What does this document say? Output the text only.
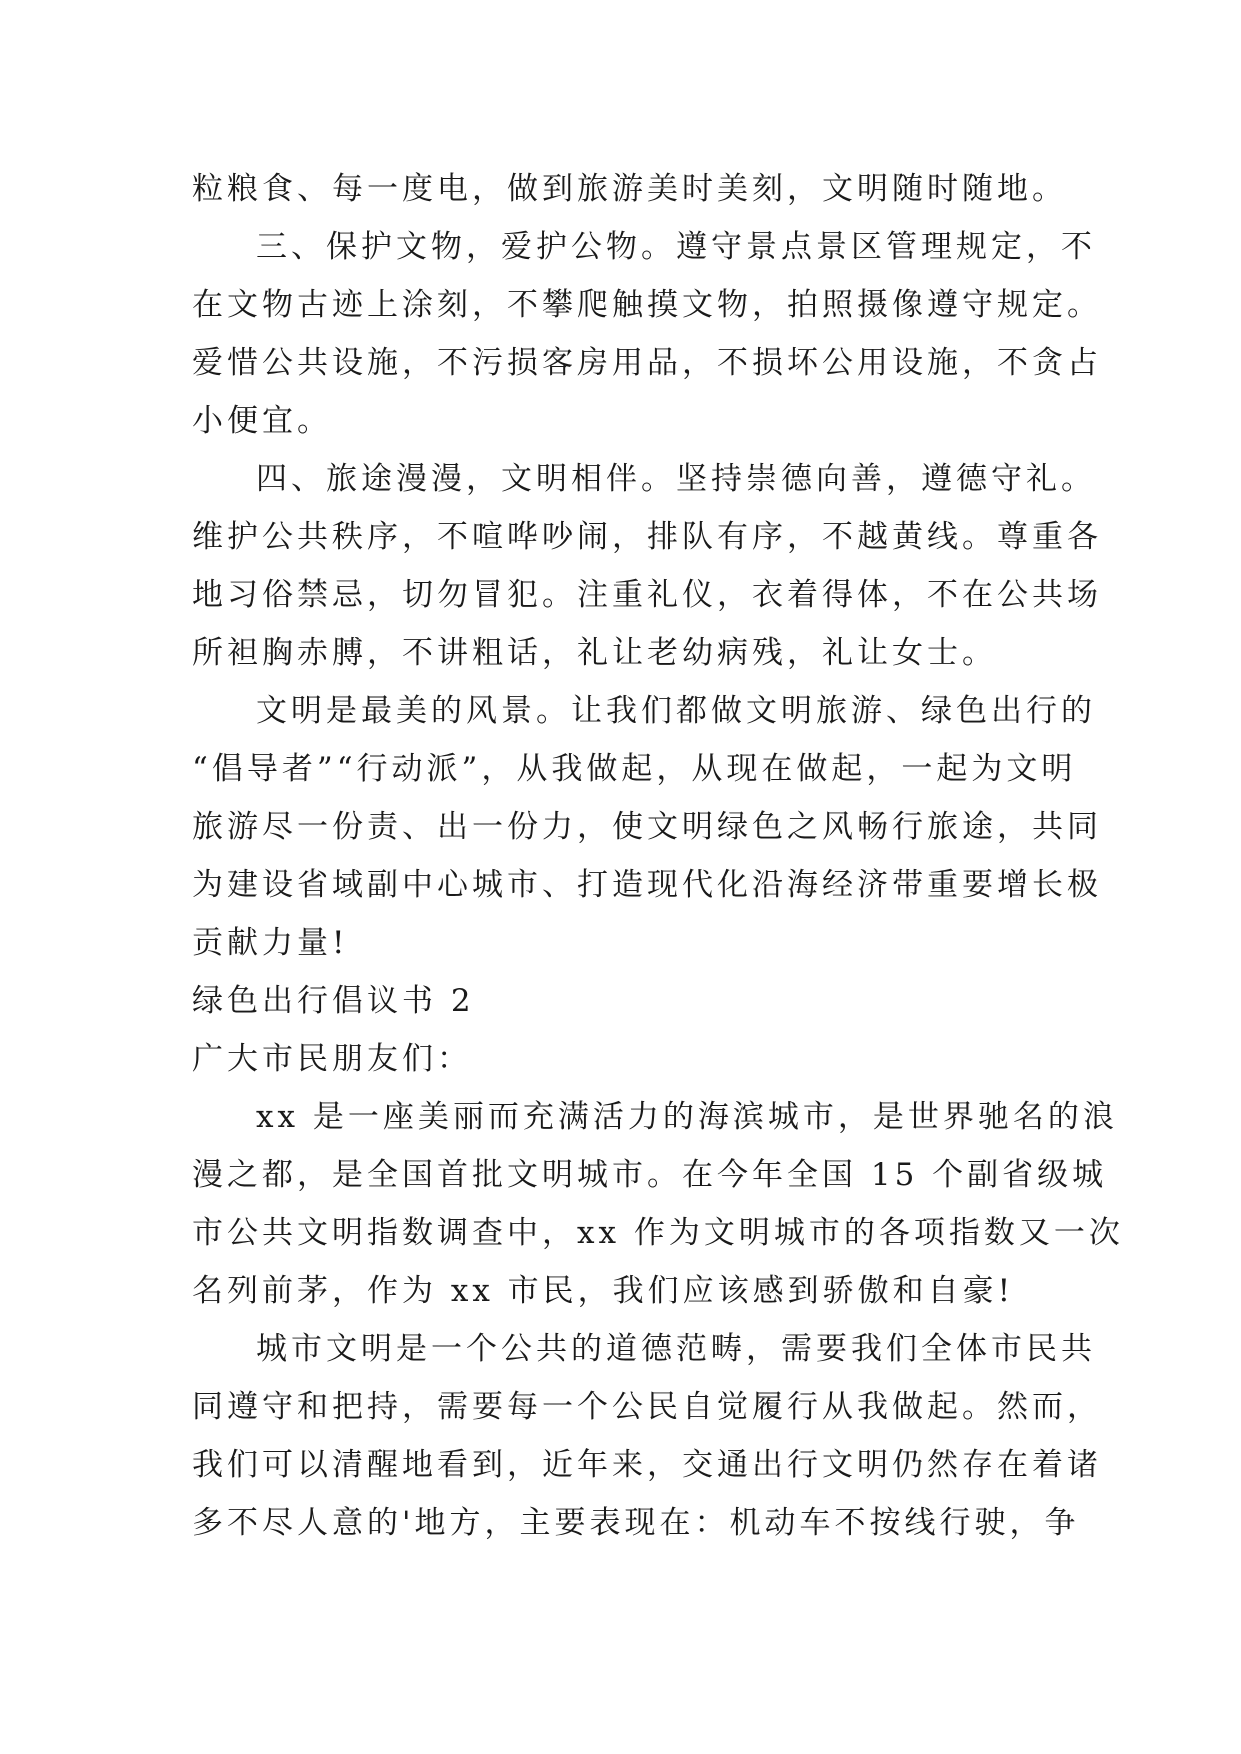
粒粮食、每一度电，做到旅游美时美刻，文明随时随地。
三、保护文物，爱护公物。遵守景点景区管理规定，不
在文物古迹上涂刻，不攀爬触摸文物，拍照摄像遵守规定。
爱惜公共设施，不污损客房用品，不损坏公用设施，不贪占
小便宜。
四、旅途漫漫，文明相伴。坚持崇德向善，遵德守礼。
维护公共秩序，不喧哗吵闹，排队有序，不越黄线。尊重各
地习俗禁忌，切勿冒犯。注重礼仪，衣着得体，不在公共场
所袒胸赤膊，不讲粗话，礼让老幼病残，礼让女士。
文明是最美的风景。让我们都做文明旅游、绿色出行的
“倡导者”“行动派”，从我做起，从现在做起，一起为文明
旅游尽一份责、出一份力，使文明绿色之风畅行旅途，共同
为建设省域副中心城市、打造现代化沿海经济带重要增长极
贡献力量!
绿色出行倡议书 2
广大市民朋友们：
xx 是一座美丽而充满活力的海滨城市，是世界驰名的浪
漫之都，是全国首批文明城市。在今年全国 15 个副省级城
市公共文明指数调查中，xx 作为文明城市的各项指数又一次
名列前茅，作为 xx 市民，我们应该感到骄傲和自豪!
城市文明是一个公共的道德范畴，需要我们全体市民共
同遵守和把持，需要每一个公民自觉履行从我做起。然而，
我们可以清醒地看到，近年来，交通出行文明仍然存在着诸
多不尽人意的'地方，主要表现在：机动车不按线行驶，争
